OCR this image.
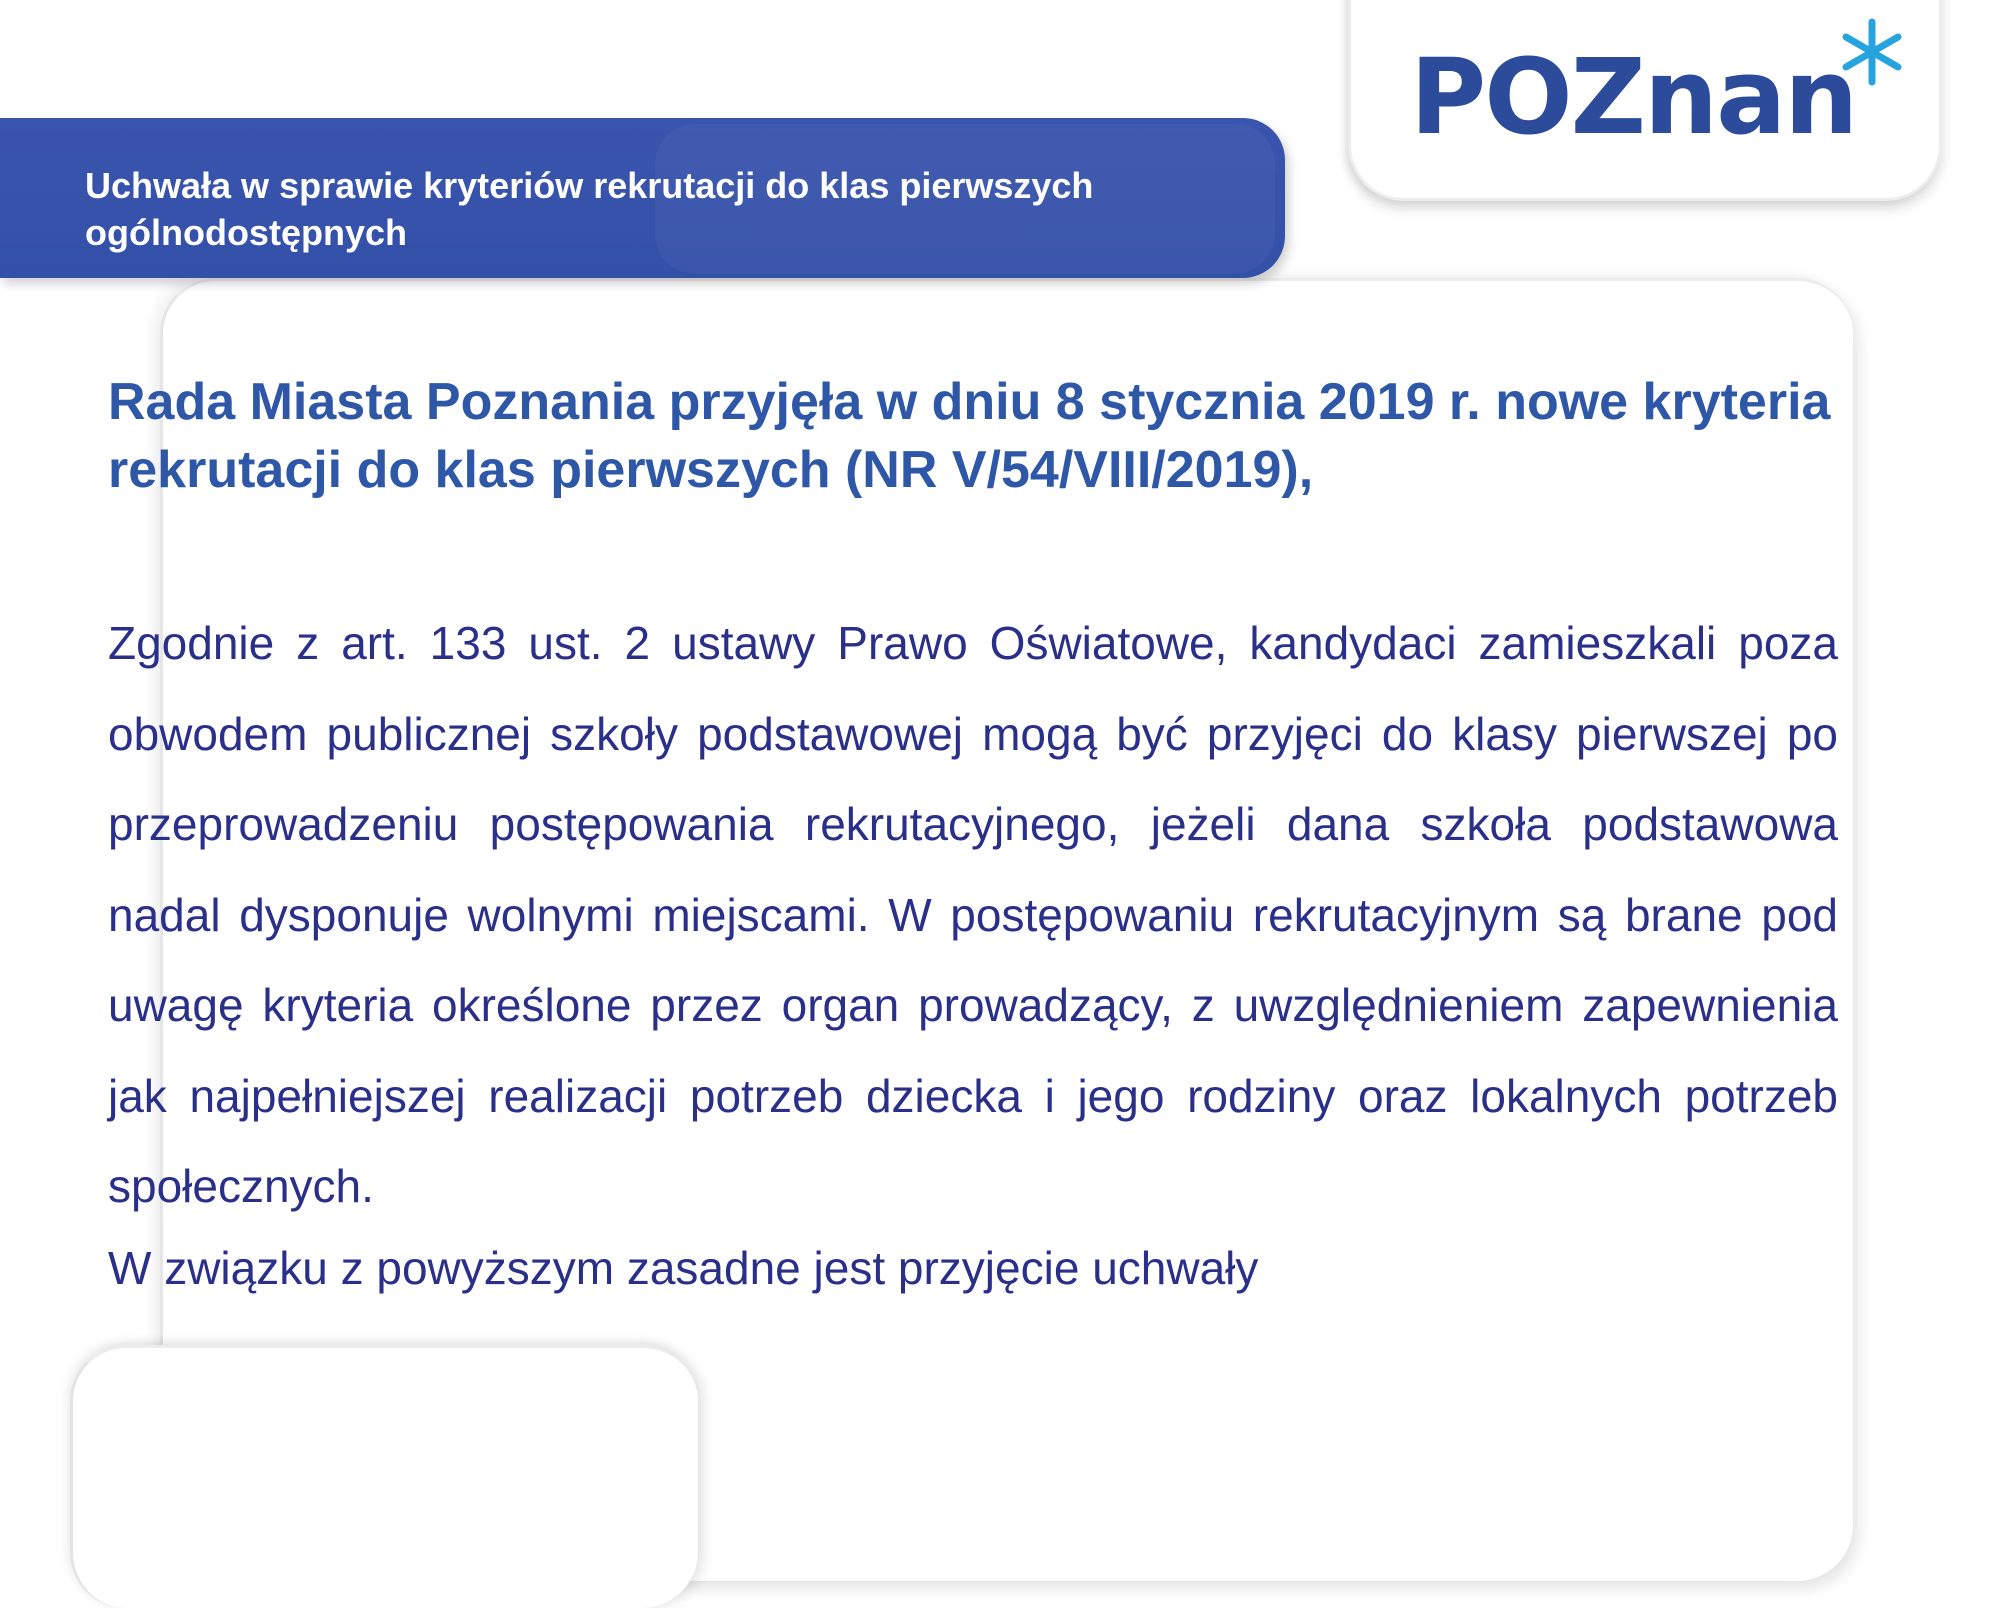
Uchwała w sprawie kryteriów rekrutacji do klas pierwszych ogólnodostępnych
POZnan
Rada Miasta Poznania przyjęła w dniu 8 stycznia 2019 r. nowe kryteria rekrutacji do klas pierwszych (NR V/54/VIII/2019),
Zgodnie z art. 133 ust. 2 ustawy Prawo Oświatowe, kandydaci zamieszkali poza obwodem publicznej szkoły podstawowej mogą być przyjęci do klasy pierwszej po przeprowadzeniu postępowania rekrutacyjnego, jeżeli dana szkoła podstawowa nadal dysponuje wolnymi miejscami. W postępowaniu rekrutacyjnym są brane pod uwagę kryteria określone przez organ prowadzący, z uwzględnieniem zapewnienia jak najpełniejszej realizacji potrzeb dziecka i jego rodziny oraz lokalnych potrzeb społecznych.
W związku z powyższym zasadne jest przyjęcie uchwały
